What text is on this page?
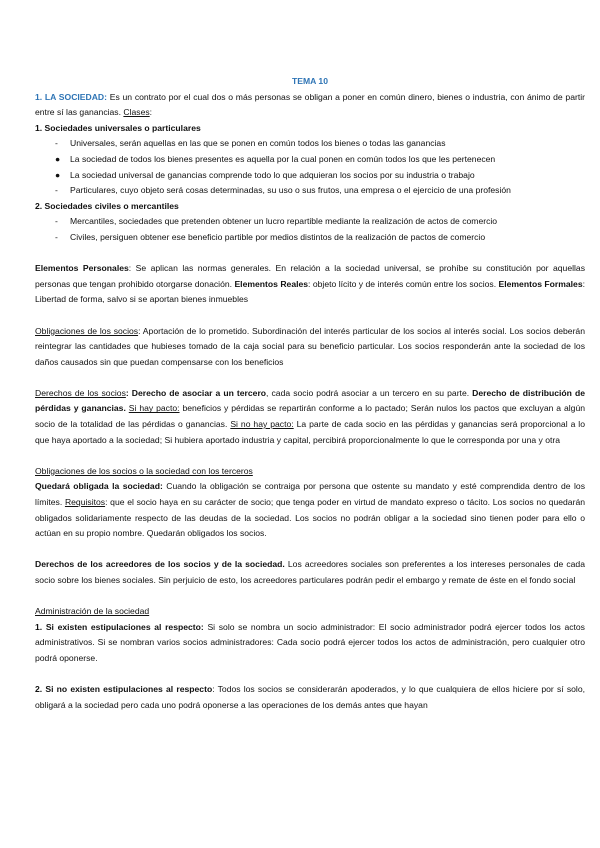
TEMA 10

1. LA SOCIEDAD: Es un contrato por el cual dos o más personas se obligan a poner en común dinero, bienes o industria, con ánimo de partir entre sí las ganancias. Clases:

1. Sociedades universales o particulares

- Universales, serán aquellas en las que se ponen en común todos los bienes o todas las ganancias
● La sociedad de todos los bienes presentes es aquella por la cual ponen en común todos los que les pertenecen
● La sociedad universal de ganancias comprende todo lo que adquieran los socios por su industria o trabajo
- Particulares, cuyo objeto será cosas determinadas, su uso o sus frutos, una empresa o el ejercicio de una profesión

2. Sociedades civiles o mercantiles

- Mercantiles, sociedades que pretenden obtener un lucro repartible mediante la realización de actos de comercio
- Civiles, persiguen obtener ese beneficio partible por medios distintos de la realización de pactos de comercio

Elementos Personales: Se aplican las normas generales. En relación a la sociedad universal, se prohíbe su constitución por aquellas personas que tengan prohibido otorgarse donación. Elementos Reales: objeto lícito y de interés común entre los socios. Elementos Formales: Libertad de forma, salvo si se aportan bienes inmuebles

Obligaciones de los socios: Aportación de lo prometido. Subordinación del interés particular de los socios al interés social. Los socios deberán reintegrar las cantidades que hubieses tomado de la caja social para su beneficio particular. Los socios responderán ante la sociedad de los daños causados sin que puedan compensarse con los beneficios

Derechos de los socios: Derecho de asociar a un tercero, cada socio podrá asociar a un tercero en su parte. Derecho de distribución de pérdidas y ganancias. Si hay pacto: beneficios y pérdidas se repartirán conforme a lo pactado; Serán nulos los pactos que excluyan a algún socio de la totalidad de las pérdidas o ganancias. Si no hay pacto: La parte de cada socio en las pérdidas y ganancias será proporcional a lo que haya aportado a la sociedad; Si hubiera aportado industria y capital, percibirá proporcionalmente lo que le corresponda por una y otra

Obligaciones de los socios o la sociedad con los terceros

Quedará obligada la sociedad: Cuando la obligación se contraiga por persona que ostente su mandato y esté comprendida dentro de los límites. Requisitos: que el socio haya en su carácter de socio; que tenga poder en virtud de mandato expreso o tácito. Los socios no quedarán obligados solidariamente respecto de las deudas de la sociedad. Los socios no podrán obligar a la sociedad sino tienen poder para ello o actúan en su propio nombre. Quedarán obligados los socios.

Derechos de los acreedores de los socios y de la sociedad. Los acreedores sociales son preferentes a los intereses personales de cada socio sobre los bienes sociales. Sin perjuicio de esto, los acreedores particulares podrán pedir el embargo y remate de éste en el fondo social

Administración de la sociedad

1. Si existen estipulaciones al respecto: Si solo se nombra un socio administrador: El socio administrador podrá ejercer todos los actos administrativos. Si se nombran varios socios administradores: Cada socio podrá ejercer todos los actos de administración, pero cualquier otro podrá oponerse.

2. Si no existen estipulaciones al respecto: Todos los socios se considerarán apoderados, y lo que cualquiera de ellos hiciere por sí solo, obligará a la sociedad pero cada uno podrá oponerse a las operaciones de los demás antes que hayan
